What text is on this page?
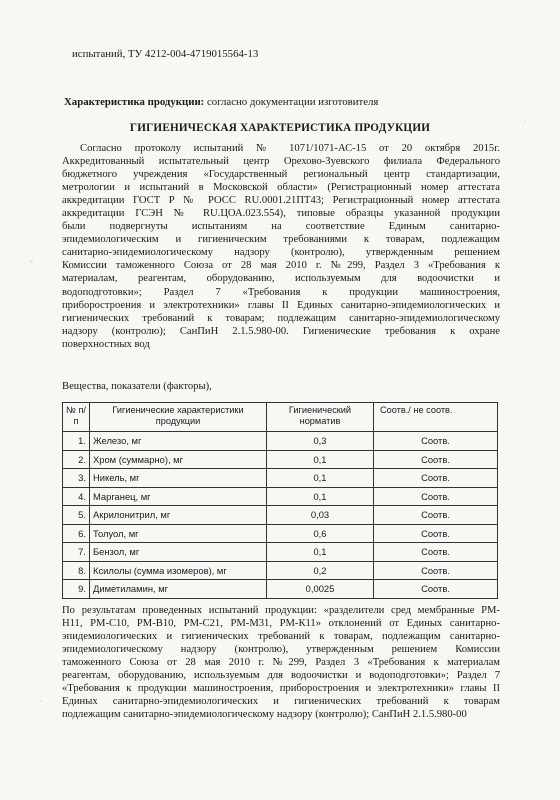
испытаний, ТУ 4212-004-4719015564-13
Характеристика продукции: согласно документации изготовителя
ГИГИЕНИЧЕСКАЯ ХАРАКТЕРИСТИКА ПРОДУКЦИИ
Согласно протоколу испытаний № 1071/1071-АС-15 от 20 октября 2015г.
Аккредитованный испытательный центр Орехово-Зуевского филиала Федерального
бюджетного учреждения «Государственный региональный центр стандартизации,
метрологии и испытаний в Московской области» (Регистрационный номер аттестата
аккредитации ГОСТ Р № РОСС RU.0001.21ПТ43; Регистрационный номер аттестата
аккредитации ГСЭН № RU.ЦОА.023.554), типовые образцы указанной продукции
были подвергнуты испытаниям на соответствие Единым санитарно-
эпидемиологическим и гигиеническим требованиями к товарам, подлежащим
санитарно-эпидемиологическому надзору (контролю), утвержденным решением
Комиссии таможенного Союза от 28 мая 2010 г. №299, Раздел 3 «Требования к
материалам, реагентам, оборудованию, используемым для водоочистки и
водоподготовки»; Раздел 7 «Требования к продукции машиностроения,
приборостроения и электротехники» главы II Единых санитарно-эпидемиологических и
гигиенических требований к товарам; подлежащим санитарно-эпидемиологическому
надзору (контролю); СанПиН 2.1.5.980-00. Гигиенические требования к охране
поверхностных вод
Вещества, показатели (факторы),
№ п/п	Гигиенические характеристики продукции	Гигиенический норматив	Соотв./ не соотв.
1.	Железо, мг	0,3	Соотв.
2.	Хром (суммарно), мг	0,1	Соотв.
3.	Никель, мг	0,1	Соотв.
4.	Марганец, мг	0,1	Соотв.
5.	Акрилонитрил, мг	0,03	Соотв.
6.	Толуол, мг	0,6	Соотв.
7.	Бензол, мг	0,1	Соотв.
8.	Ксилолы (сумма изомеров), мг	0,2	Соотв.
9.	Диметиламин, мг	0,0025	Соотв.
По результатам проведенных испытаний продукции: «разделители сред мембранные РМ-
Н11, РМ-С10, РМ-В10, РМ-С21, РМ-М31, РМ-К11» отклонений от Единых санитарно-
эпидемиологических и гигиенических требований к товарам, подлежащим санитарно-
эпидемиологическому надзору (контролю), утвержденным решением Комиссии
таможенного Союза от 28 мая 2010 г. №299, Раздел 3 «Требования к материалам
реагентам, оборудованию, используемым для водоочистки и водоподготовки»; Раздел 7
«Требования к продукции машиностроения, приборостроения и электротехники» главы II
Единых санитарно-эпидемиологических и гигиенических требований к товарам
подлежащим санитарно-эпидемиологическому надзору (контролю); СанПиН 2.1.5.980-00
